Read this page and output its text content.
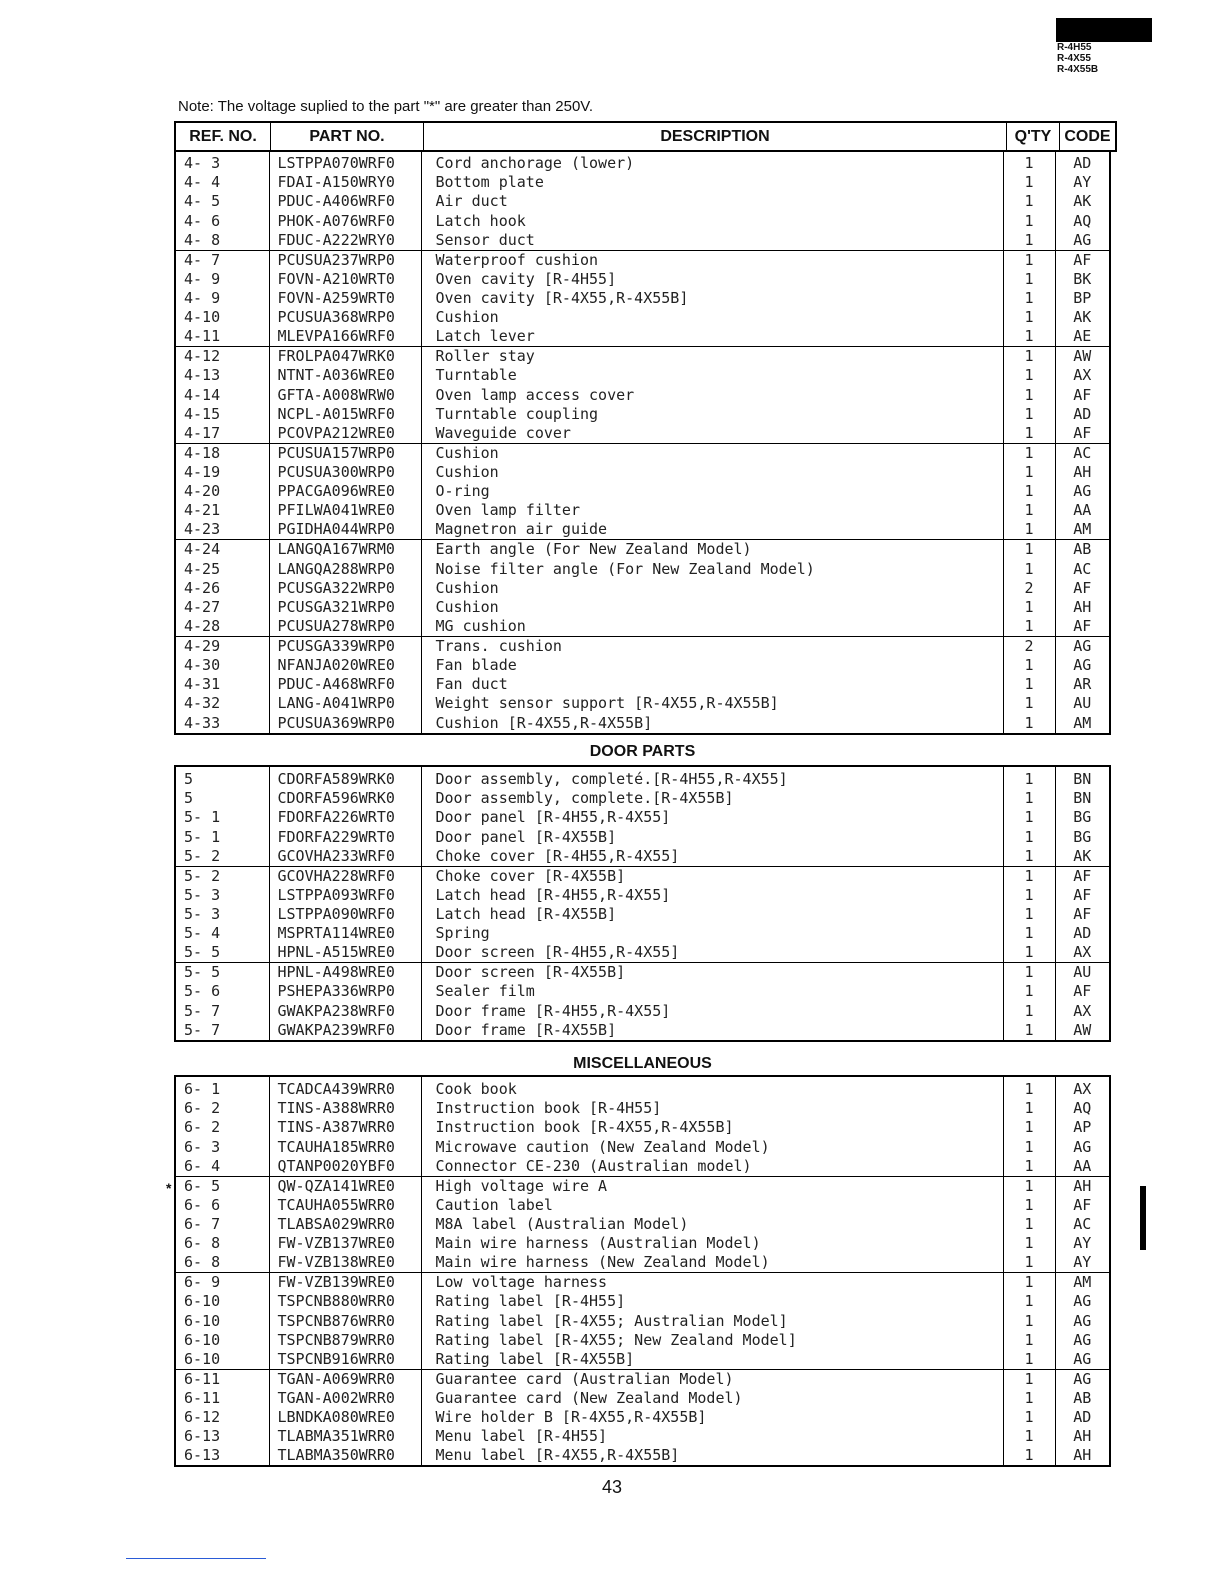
R-4H55
R-4X55
R-4X55B
Note: The voltage suplied to the part "*" are greater than 250V.
REF. NO.	PART NO.	DESCRIPTION	Q'TY	CODE

4- 3	LSTPPA070WRF0	Cord anchorage (lower)	1	AD
4- 4	FDAI-A150WRY0	Bottom plate	1	AY
4- 5	PDUC-A406WRF0	Air duct	1	AK
4- 6	PHOK-A076WRF0	Latch hook	1	AQ
4- 8	FDUC-A222WRY0	Sensor duct	1	AG
4- 7	PCUSUA237WRP0	Waterproof cushion	1	AF
4- 9	FOVN-A210WRT0	Oven cavity [R-4H55]	1	BK
4- 9	FOVN-A259WRT0	Oven cavity [R-4X55,R-4X55B]	1	BP
4-10	PCUSUA368WRP0	Cushion	1	AK
4-11	MLEVPA166WRF0	Latch lever	1	AE
4-12	FROLPA047WRK0	Roller stay	1	AW
4-13	NTNT-A036WRE0	Turntable	1	AX
4-14	GFTA-A008WRW0	Oven lamp access cover	1	AF
4-15	NCPL-A015WRF0	Turntable coupling	1	AD
4-17	PCOVPA212WRE0	Waveguide cover	1	AF
4-18	PCUSUA157WRP0	Cushion	1	AC
4-19	PCUSUA300WRP0	Cushion	1	AH
4-20	PPACGA096WRE0	O-ring	1	AG
4-21	PFILWA041WRE0	Oven lamp filter	1	AA
4-23	PGIDHA044WRP0	Magnetron air guide	1	AM
4-24	LANGQA167WRM0	Earth angle (For New Zealand Model)	1	AB
4-25	LANGQA288WRP0	Noise filter angle (For New Zealand Model)	1	AC
4-26	PCUSGA322WRP0	Cushion	2	AF
4-27	PCUSGA321WRP0	Cushion	1	AH
4-28	PCUSUA278WRP0	MG cushion	1	AF
4-29	PCUSGA339WRP0	Trans. cushion	2	AG
4-30	NFANJA020WRE0	Fan blade	1	AG
4-31	PDUC-A468WRF0	Fan duct	1	AR
4-32	LANG-A041WRP0	Weight sensor support [R-4X55,R-4X55B]	1	AU
4-33	PCUSUA369WRP0	Cushion [R-4X55,R-4X55B]	1	AM
DOOR PARTS

5	CDORFA589WRK0	Door assembly, completé.[R-4H55,R-4X55]	1	BN
5	CDORFA596WRK0	Door assembly, complete.[R-4X55B]	1	BN
5- 1	FDORFA226WRT0	Door panel [R-4H55,R-4X55]	1	BG
5- 1	FDORFA229WRT0	Door panel [R-4X55B]	1	BG
5- 2	GCOVHA233WRF0	Choke cover [R-4H55,R-4X55]	1	AK
5- 2	GCOVHA228WRF0	Choke cover [R-4X55B]	1	AF
5- 3	LSTPPA093WRF0	Latch head [R-4H55,R-4X55]	1	AF
5- 3	LSTPPA090WRF0	Latch head [R-4X55B]	1	AF
5- 4	MSPRTA114WRE0	Spring	1	AD
5- 5	HPNL-A515WRE0	Door screen [R-4H55,R-4X55]	1	AX
5- 5	HPNL-A498WRE0	Door screen [R-4X55B]	1	AU
5- 6	PSHEPA336WRP0	Sealer film	1	AF
5- 7	GWAKPA238WRF0	Door frame [R-4H55,R-4X55]	1	AX
5- 7	GWAKPA239WRF0	Door frame [R-4X55B]	1	AW
MISCELLANEOUS

6- 1	TCADCA439WRR0	Cook book	1	AX
6- 2	TINS-A388WRR0	Instruction book [R-4H55]	1	AQ
6- 2	TINS-A387WRR0	Instruction book [R-4X55,R-4X55B]	1	AP
6- 3	TCAUHA185WRR0	Microwave caution (New Zealand Model)	1	AG
6- 4	QTANP0020YBF0	Connector CE-230 (Australian model)	1	AA
6- 5	QW-QZA141WRE0	High voltage wire A	1	AH
6- 6	TCAUHA055WRR0	Caution label	1	AF
6- 7	TLABSA029WRR0	M8A label (Australian Model)	1	AC
6- 8	FW-VZB137WRE0	Main wire harness (Australian Model)	1	AY
6- 8	FW-VZB138WRE0	Main wire harness (New Zealand Model)	1	AY
6- 9	FW-VZB139WRE0	Low voltage harness	1	AM
6-10	TSPCNB880WRR0	Rating label [R-4H55]	1	AG
6-10	TSPCNB876WRR0	Rating label [R-4X55; Australian Model]	1	AG
6-10	TSPCNB879WRR0	Rating label [R-4X55; New Zealand Model]	1	AG
6-10	TSPCNB916WRR0	Rating label [R-4X55B]	1	AG
6-11	TGAN-A069WRR0	Guarantee card (Australian Model)	1	AG
6-11	TGAN-A002WRR0	Guarantee card (New Zealand Model)	1	AB
6-12	LBNDKA080WRE0	Wire holder B [R-4X55,R-4X55B]	1	AD
6-13	TLABMA351WRR0	Menu label [R-4H55]	1	AH
6-13	TLABMA350WRR0	Menu label [R-4X55,R-4X55B]	1	AH
43
*
